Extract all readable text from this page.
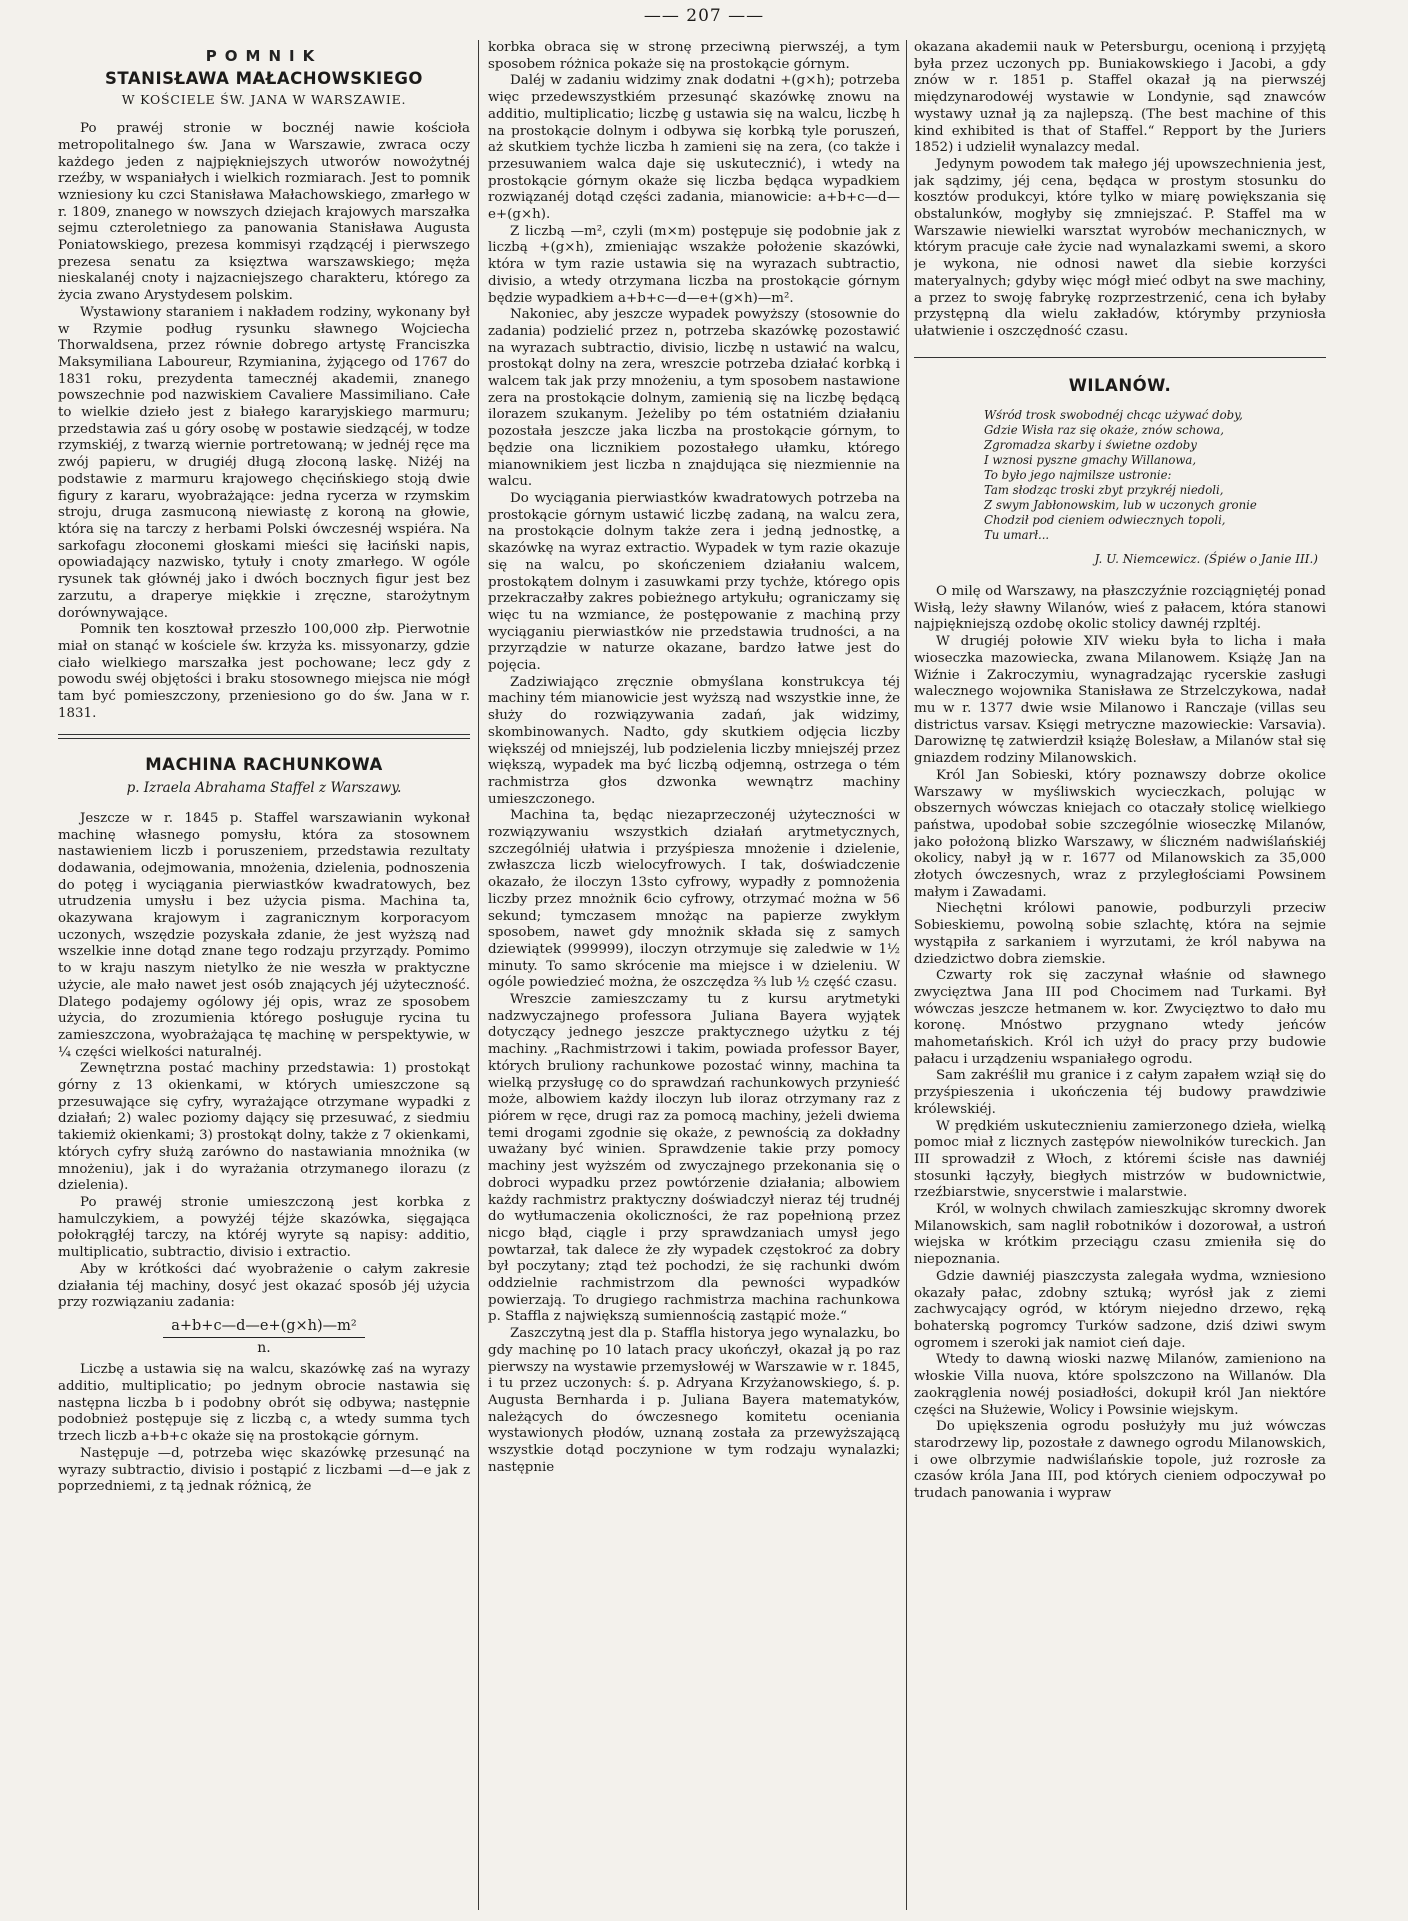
—— 207 ——
POMNIK
STANISŁAWA MAŁACHOWSKIEGO
W KOŚCIELE ŚW. JANA W WARSZAWIE.

Po prawéj stronie w bocznéj nawie kościoła metropolitalnego św. Jana w Warszawie, zwraca oczy każdego jeden z najpiękniejszych utworów nowożytnéj rzeźby, w wspaniałych i wielkich rozmiarach. Jest to pomnik wzniesiony ku czci Stanisława Małachowskiego, zmarłego w r. 1809, znanego w nowszych dziejach krajowych marszałka sejmu czteroletniego za panowania Stanisława Augusta Poniatowskiego, prezesa kommisyi rządzącéj i pierwszego prezesa senatu za księztwa warszawskiego; męża nieskalanéj cnoty i najzacniejszego charakteru, którego za życia zwano Arystydesem polskim.

Wystawiony staraniem i nakładem rodziny, wykonany był w Rzymie podług rysunku sławnego Wojciecha Thorwaldsena, przez równie dobrego artystę Franciszka Maksymiliana Laboureur, Rzymianina, żyjącego od 1767 do 1831 roku, prezydenta tamecznéj akademii, znanego powszechnie pod nazwiskiem Cavaliere Massimiliano. Całe to wielkie dzieło jest z białego kararyjskiego marmuru; przedstawia zaś u góry osobę w postawie siedzącéj, w todze rzymskiéj, z twarzą wiernie portretowaną; w jednéj ręce ma zwój papieru, w drugiéj długą złoconą laskę. Niżéj na podstawie z marmuru krajowego chęcińskiego stoją dwie figury z kararu, wyobrażające: jedna rycerza w rzymskim stroju, druga zasmuconą niewiastę z koroną na głowie, która się na tarczy z herbami Polski ówczesnéj wspiéra. Na sarkofagu złoconemi głoskami mieści się łaciński napis, opowiadający nazwisko, tytuły i cnoty zmarłego. W ogóle rysunek tak głównéj jako i dwóch bocznych figur jest bez zarzutu, a draperye miękkie i zręczne, starożytnym dorównywające.

Pomnik ten kosztował przeszło 100,000 złp. Pierwotnie miał on stanąć w kościele św. krzyża ks. missyonarzy, gdzie ciało wielkiego marszałka jest pochowane; lecz gdy z powodu swéj objętości i braku stosownego miejsca nie mógł tam być pomieszczony, przeniesiono go do św. Jana w r. 1831.

MACHINA RACHUNKOWA
p. Izraela Abrahama Staffel z Warszawy.

Jeszcze w r. 1845 p. Staffel warszawianin wykonał machinę własnego pomysłu, która za stosownem nastawieniem liczb i poruszeniem, przedstawia rezultaty dodawania, odejmowania, mnożenia, dzielenia, podnoszenia do potęg i wyciągania pierwiastków kwadratowych, bez utrudzenia umysłu i bez użycia pisma. Machina ta, okazywana krajowym i zagranicznym korporacyom uczonych, wszędzie pozyskała zdanie, że jest wyższą nad wszelkie inne dotąd znane tego rodzaju przyrządy. Pomimo to w kraju naszym nietylko że nie weszła w praktyczne użycie, ale mało nawet jest osób znających jéj użyteczność. Dlatego podajemy ogólowy jéj opis, wraz ze sposobem użycia, do zrozumienia którego posługuje rycina tu zamieszczona, wyobrażająca tę machinę w perspektywie, w ¼ części wielkości naturalnéj.

Zewnętrzna postać machiny przedstawia: 1) prostokąt górny z 13 okienkami, w których umieszczone są przesuwające się cyfry, wyrażające otrzymane wypadki z działań; 2) walec poziomy dający się przesuwać, z siedmiu takiemiż okienkami; 3) prostokąt dolny, także z 7 okienkami, których cyfry służą zarówno do nastawiania mnożnika (w mnożeniu), jak i do wyrażania otrzymanego ilorazu (z dzielenia).

Po prawéj stronie umieszczoną jest korbka z hamulczykiem, a powyżéj téjże skazówka, sięgająca połokrągłéj tarczy, na któréj wyryte są napisy: additio, multiplicatio, subtractio, divisio i extractio.

Aby w krótkości dać wyobrażenie o całym zakresie działania téj machiny, dosyć jest okazać sposób jéj użycia przy rozwiązaniu zadania:

a+b+c—d—e+(g×h)—m²
n.

Liczbę a ustawia się na walcu, skazówkę zaś na wyrazy additio, multiplicatio; po jednym obrocie nastawia się następna liczba b i podobny obrót się odbywa; następnie podobnież postępuje się z liczbą c, a wtedy summa tych trzech liczb a+b+c okaże się na prostokącie górnym.

Następuje —d, potrzeba więc skazówkę przesunąć na wyrazy subtractio, divisio i postąpić z liczbami —d—e jak z poprzedniemi, z tą jednak różnicą, że

korbka obraca się w stronę przeciwną pierwszéj, a tym sposobem różnica pokaże się na prostokącie górnym.

Daléj w zadaniu widzimy znak dodatni +(g×h); potrzeba więc przedewszystkiém przesunąć skazówkę znowu na additio, multiplicatio; liczbę g ustawia się na walcu, liczbę h na prostokącie dolnym i odbywa się korbką tyle poruszeń, aż skutkiem tychże liczba h zamieni się na zera, (co także i przesuwaniem walca daje się uskutecznić), i wtedy na prostokącie górnym okaże się liczba będąca wypadkiem rozwiązanéj dotąd części zadania, mianowicie: a+b+c—d—e+(g×h).

Z liczbą —m², czyli (m×m) postępuje się podobnie jak z liczbą +(g×h), zmieniając wszakże położenie skazówki, która w tym razie ustawia się na wyrazach subtractio, divisio, a wtedy otrzymana liczba na prostokącie górnym będzie wypadkiem a+b+c—d—e+(g×h)—m².

Nakoniec, aby jeszcze wypadek powyższy (stosownie do zadania) podzielić przez n, potrzeba skazówkę pozostawić na wyrazach subtractio, divisio, liczbę n ustawić na walcu, prostokąt dolny na zera, wreszcie potrzeba działać korbką i walcem tak jak przy mnożeniu, a tym sposobem nastawione zera na prostokącie dolnym, zamienią się na liczbę będącą ilorazem szukanym. Jeżeliby po tém ostatniém działaniu pozostała jeszcze jaka liczba na prostokącie górnym, to będzie ona licznikiem pozostałego ułamku, którego mianownikiem jest liczba n znajdująca się niezmiennie na walcu.

Do wyciągania pierwiastków kwadratowych potrzeba na prostokącie górnym ustawić liczbę zadaną, na walcu zera, na prostokącie dolnym także zera i jedną jednostkę, a skazówkę na wyraz extractio. Wypadek w tym razie okazuje się na walcu, po skończeniem działaniu walcem, prostokątem dolnym i zasuwkami przy tychże, którego opis przekraczałby zakres pobieżnego artykułu; ograniczamy się więc tu na wzmiance, że postępowanie z machiną przy wyciąganiu pierwiastków nie przedstawia trudności, a na przyrządzie w naturze okazane, bardzo łatwe jest do pojęcia.

Zadziwiająco zręcznie obmyślana konstrukcya téj machiny tém mianowicie jest wyższą nad wszystkie inne, że służy do rozwiązywania zadań, jak widzimy, skombinowanych. Nadto, gdy skutkiem odjęcia liczby większéj od mniejszéj, lub podzielenia liczby mniejszéj przez większą, wypadek ma być liczbą odjemną, ostrzega o tém rachmistrza głos dzwonka wewnątrz machiny umieszczonego.

Machina ta, będąc niezaprzeczonéj użyteczności w rozwiązywaniu wszystkich działań arytmetycznych, szczególniéj ułatwia i przyśpiesza mnożenie i dzielenie, zwłaszcza liczb wielocyfrowych. I tak, doświadczenie okazało, że iloczyn 13sto cyfrowy, wypadły z pomnożenia liczby przez mnożnik 6cio cyfrowy, otrzymać można w 56 sekund; tymczasem mnożąc na papierze zwykłym sposobem, nawet gdy mnożnik składa się z samych dziewiątek (999999), iloczyn otrzymuje się zaledwie w 1½ minuty. To samo skrócenie ma miejsce i w dzieleniu. W ogóle powiedzieć można, że oszczędza ⅔ lub ½ część czasu.

Wreszcie zamieszczamy tu z kursu arytmetyki nadzwyczajnego professora Juliana Bayera wyjątek dotyczący jednego jeszcze praktycznego użytku z téj machiny. „Rachmistrzowi i takim, powiada professor Bayer, których bruliony rachunkowe pozostać winny, machina ta wielką przysługę co do sprawdzań rachunkowych przynieść może, albowiem każdy iloczyn lub iloraz otrzymany raz z piórem w ręce, drugi raz za pomocą machiny, jeżeli dwiema temi drogami zgodnie się okaże, z pewnością za dokładny uważany być winien. Sprawdzenie takie przy pomocy machiny jest wyższém od zwyczajnego przekonania się o dobroci wypadku przez powtórzenie działania; albowiem każdy rachmistrz praktyczny doświadczył nieraz téj trudnéj do wytłumaczenia okoliczności, że raz popełnioną przez nicgo błąd, ciągle i przy sprawdzaniach umysł jego powtarzał, tak dalece że zły wypadek częstokroć za dobry był poczytany; ztąd też pochodzi, że się rachunki dwóm oddzielnie rachmistrzom dla pewności wypadków powierzają. To drugiego rachmistrza machina rachunkowa p. Staffla z największą sumiennością zastąpić może.“

Zaszczytną jest dla p. Staffla historya jego wynalazku, bo gdy machinę po 10 latach pracy ukończył, okazał ją po raz pierwszy na wystawie przemysłowéj w Warszawie w r. 1845, i tu przez uczonych: ś. p. Adryana Krzyżanowskiego, ś. p. Augusta Bernharda i p. Juliana Bayera matematyków, należących do ówczesnego komitetu oceniania wystawionych płodów, uznaną została za przewyższającą wszystkie dotąd poczynione w tym rodzaju wynalazki; następnie

okazana akademii nauk w Petersburgu, ocenioną i przyjętą była przez uczonych pp. Buniakowskiego i Jacobi, a gdy znów w r. 1851 p. Staffel okazał ją na pierwszéj międzynarodowéj wystawie w Londynie, sąd znawców wystawy uznał ją za najlepszą. (The best machine of this kind exhibited is that of Staffel.“ Repport by the Juriers 1852) i udzielił wynalazcy medal.

Jedynym powodem tak małego jéj upowszechnienia jest, jak sądzimy, jéj cena, będąca w prostym stosunku do kosztów produkcyi, które tylko w miarę powiększania się obstalunków, mogłyby się zmniejszać. P. Staffel ma w Warszawie niewielki warsztat wyrobów mechanicznych, w którym pracuje całe życie nad wynalazkami swemi, a skoro je wykona, nie odnosi nawet dla siebie korzyści materyalnych; gdyby więc mógł mieć odbyt na swe machiny, a przez to swoję fabrykę rozprzestrzenić, cena ich byłaby przystępną dla wielu zakładów, którymby przyniosła ułatwienie i oszczędność czasu.

WILANÓW.
Wśród trosk swobodnéj chcąc używać doby,
Gdzie Wisła raz się okaże, znów schowa,
Zgromadza skarby i świetne ozdoby
I wznosi pyszne gmachy Willanowa,
To było jego najmilsze ustronie:
Tam słodząc troski zbyt przykréj niedoli,
Z swym Jabłonowskim, lub w uczonych gronie
Chodził pod cieniem odwiecznych topoli,
Tu umarł...
J. U. Niemcewicz. (Śpiéw o Janie III.)

O milę od Warszawy, na płaszczyźnie rozciągniętéj ponad Wisłą, leży sławny Wilanów, wieś z pałacem, która stanowi najpiękniejszą ozdobę okolic stolicy dawnéj rzpltéj.

W drugiéj połowie XIV wieku była to licha i mała wioseczka mazowiecka, zwana Milanowem. Książę Jan na Wiźnie i Zakroczymiu, wynagradzając rycerskie zasługi walecznego wojownika Stanisława ze Strzelczykowa, nadał mu w r. 1377 dwie wsie Milanowo i Ranczaje (villas seu districtus varsav. Księgi metryczne mazowieckie: Varsavia). Darowiznę tę zatwierdził książę Bolesław, a Milanów stał się gniazdem rodziny Milanowskich.

Król Jan Sobieski, który poznawszy dobrze okolice Warszawy w myśliwskich wycieczkach, polując w obszernych wówczas kniejach co otaczały stolicę wielkiego państwa, upodobał sobie szczególnie wioseczkę Milanów, jako położoną blizko Warszawy, w śliczném nadwiślańskiéj okolicy, nabył ją w r. 1677 od Milanowskich za 35,000 złotych ówczesnych, wraz z przyległościami Powsinem małym i Zawadami.

Niechętni królowi panowie, podburzyli przeciw Sobieskiemu, powolną sobie szlachtę, która na sejmie wystąpiła z sarkaniem i wyrzutami, że król nabywa na dziedzictwo dobra ziemskie.

Czwarty rok się zaczynał właśnie od sławnego zwycięztwa Jana III pod Chocimem nad Turkami. Był wówczas jeszcze hetmanem w. kor. Zwycięztwo to dało mu koronę. Mnóstwo przygnano wtedy jeńców mahometańskich. Król ich użył do pracy przy budowie pałacu i urządzeniu wspaniałego ogrodu.

Sam zakréślił mu granice i z całym zapałem wziął się do przyśpieszenia i ukończenia téj budowy prawdziwie królewskiéj.

W prędkiém uskutecznieniu zamierzonego dzieła, wielką pomoc miał z licznych zastępów niewolników tureckich. Jan III sprowadził z Włoch, z któremi ścisłe nas dawniéj stosunki łączyły, biegłych mistrzów w budownictwie, rzeźbiarstwie, snycerstwie i malarstwie.

Król, w wolnych chwilach zamieszkując skromny dworek Milanowskich, sam naglił robotników i dozorował, a ustroń wiejska w krótkim przeciągu czasu zmieniła się do niepoznania.

Gdzie dawniéj piaszczysta zalegała wydma, wzniesiono okazały pałac, zdobny sztuką; wyrósł jak z ziemi zachwycający ogród, w którym niejedno drzewo, ręką bohaterską pogromcy Turków sadzone, dziś dziwi swym ogromem i szeroki jak namiot cień daje.

Wtedy to dawną wioski nazwę Milanów, zamieniono na włoskie Villa nuova, które spolszczono na Willanów. Dla zaokrąglenia nowéj posiadłości, dokupił król Jan niektóre części na Służewie, Wolicy i Powsinie wiejskym.

Do upiększenia ogrodu posłużyły mu już wówczas starodrzewy lip, pozostałe z dawnego ogrodu Milanowskich, i owe olbrzymie nadwiślańskie topole, już rozrosłe za czasów króla Jana III, pod których cieniem odpoczywał po trudach panowania i wypraw
